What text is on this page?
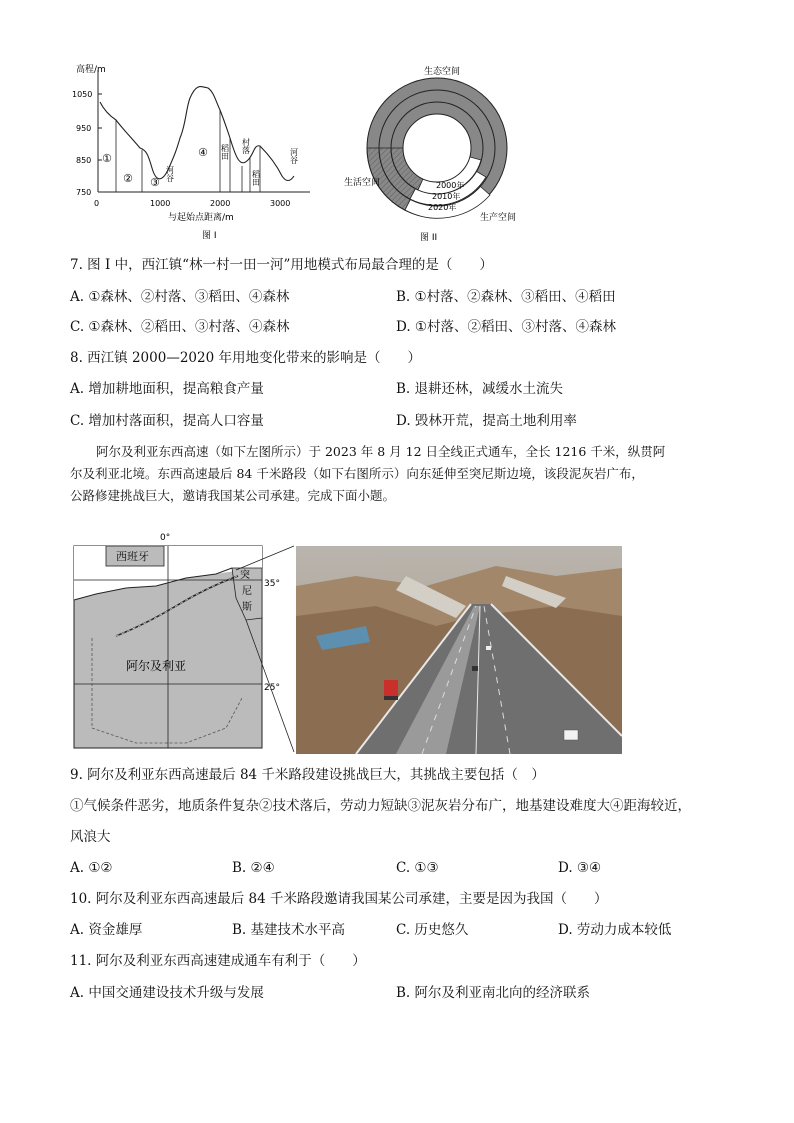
高程/m
1050
950
850
750
0	1000	2000	3000
与起始点距离/m
图 I
①
② ③
④
河谷
稻田 村落
稻田
河谷
生态空间
2000年
2010年
2020年
生活空间
生产空间
图 II
7. 图 I 中，西江镇“林一村一田一河”用地模式布局最合理的是（　　）
A. ①森林、②村落、③稻田、④森林	B. ①村落、②森林、③稻田、④稻田
C. ①森林、②稻田、③村落、④森林	D. ①村落、②稻田、③村落、④森林
8. 西江镇 2000—2020 年用地变化带来的影响是（　　）
A. 增加耕地面积，提高粮食产量	B. 退耕还林，减缓水土流失
C. 增加村落面积，提高人口容量	D. 毁林开荒，提高土地利用率
阿尔及利亚东西高速（如下左图所示）于 2023 年 8 月 12 日全线正式通车，全长 1216 千米，纵贯阿
尔及利亚北境。东西高速最后 84 千米路段（如下右图所示）向东延伸至突尼斯边境，该段泥灰岩广布，
公路修建挑战巨大，邀请我国某公司承建。完成下面小题。
0°
西班牙
突
尼
斯
阿尔及利亚
35°
25°
9. 阿尔及利亚东西高速最后 84 千米路段建设挑战巨大，其挑战主要包括（　）
①气候条件恶劣，地质条件复杂②技术落后，劳动力短缺③泥灰岩分布广，地基建设难度大④距海较近，
风浪大
A. ①②	B. ②④	C. ①③	D. ③④
10. 阿尔及利亚东西高速最后 84 千米路段邀请我国某公司承建，主要是因为我国（　　）
A. 资金雄厚	B. 基建技术水平高	C. 历史悠久	D. 劳动力成本较低
11. 阿尔及利亚东西高速建成通车有利于（　　）
A. 中国交通建设技术升级与发展	B. 阿尔及利亚南北向的经济联系
